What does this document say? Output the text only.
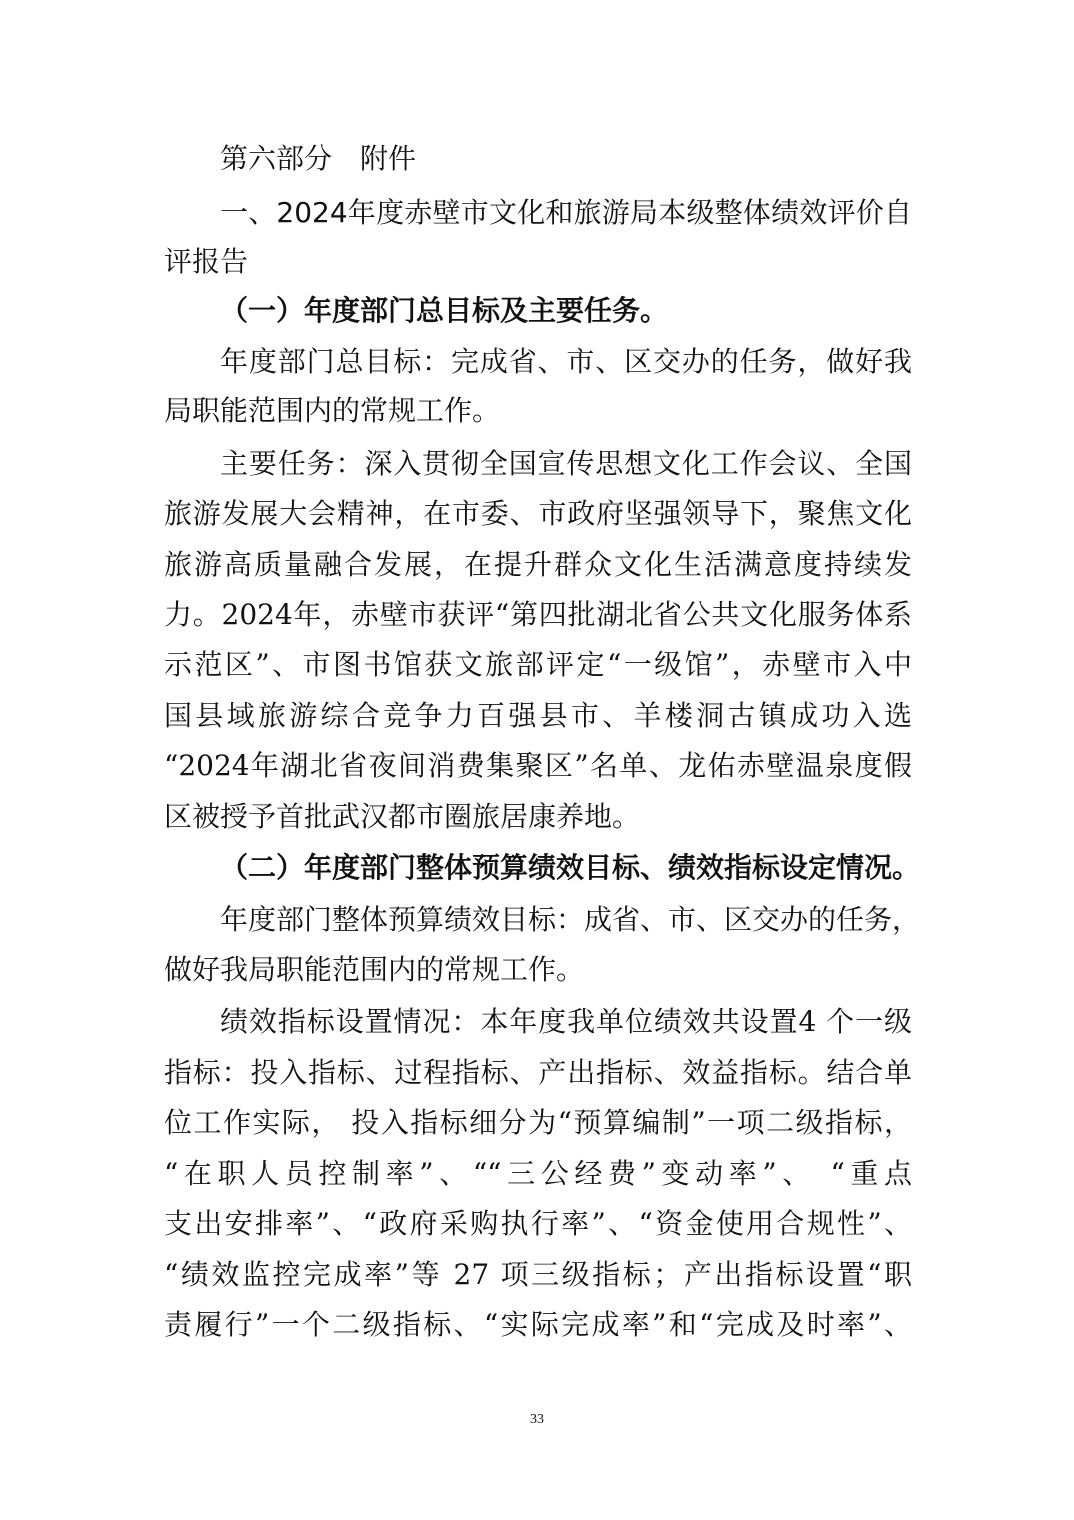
第六部分　附件
一、2024年度赤壁市文化和旅游局本级整体绩效评价自
评报告
（一）年度部门总目标及主要任务。
年度部门总目标：完成省、市、区交办的任务，做好我
局职能范围内的常规工作。
主要任务：深入贯彻全国宣传思想文化工作会议、全国
旅游发展大会精神，在市委、市政府坚强领导下，聚焦文化
旅游高质量融合发展，在提升群众文化生活满意度持续发
力。2024年，赤壁市获评“第四批湖北省公共文化服务体系
示范区”、市图书馆获文旅部评定“一级馆”，赤壁市入中
国县域旅游综合竞争力百强县市、羊楼洞古镇成功入选
“2024年湖北省夜间消费集聚区”名单、龙佑赤壁温泉度假
区被授予首批武汉都市圈旅居康养地。
（二）年度部门整体预算绩效目标、绩效指标设定情况。
年度部门整体预算绩效目标：成省、市、区交办的任务，
做好我局职能范围内的常规工作。
绩效指标设置情况：本年度我单位绩效共设置4 个一级
指标：投入指标、过程指标、产出指标、效益指标。结合单
位工作实际， 投入指标细分为“预算编制”一项二级指标，
“在职人员控制率”、““三公经费”变动率”、 “重点
支出安排率”、“政府采购执行率”、“资金使用合规性”、
“绩效监控完成率”等 27 项三级指标；产出指标设置“职
责履行”一个二级指标、“实际完成率”和“完成及时率”、
33
